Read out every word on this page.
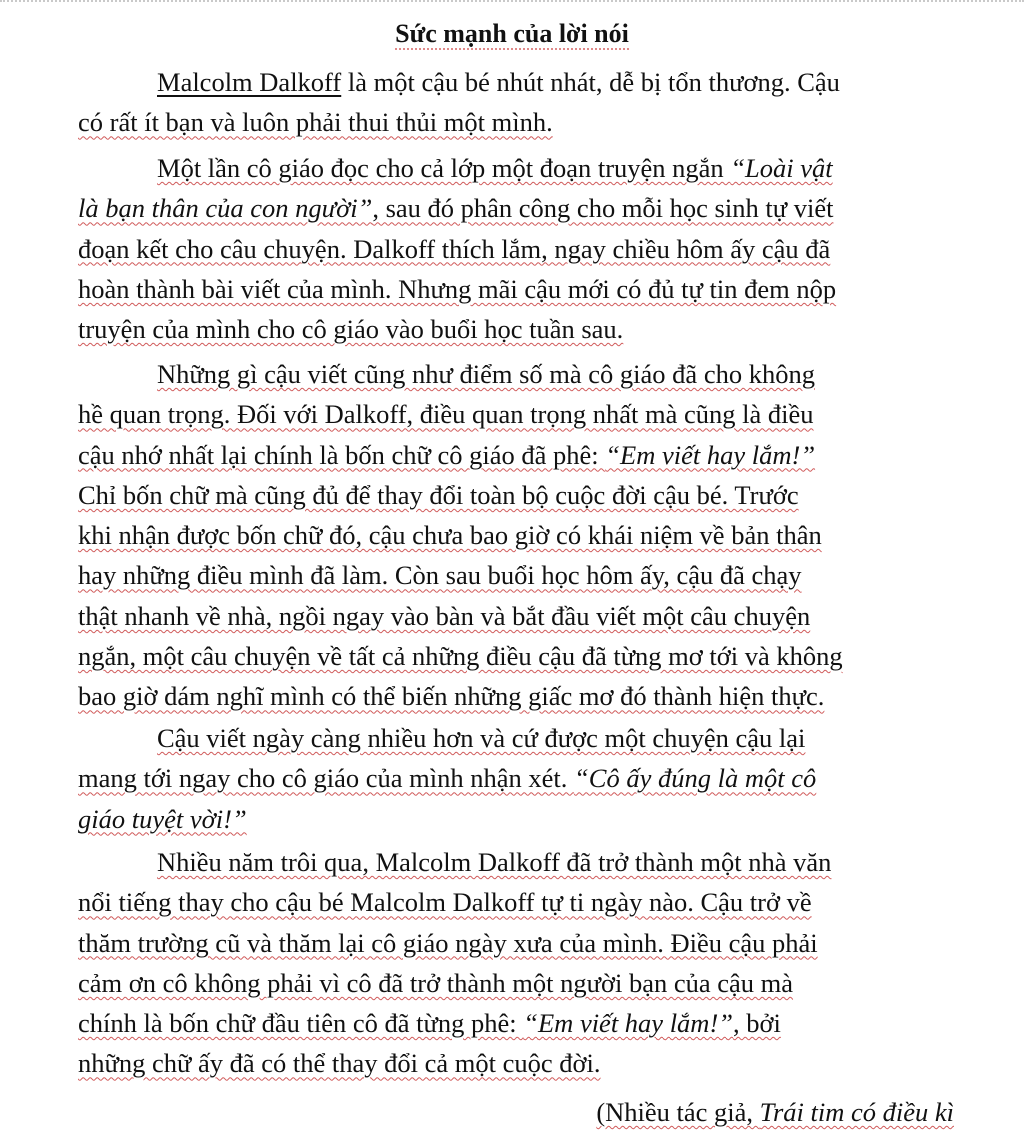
Sức mạnh của lời nói
Malcolm Dalkoff là một cậu bé nhút nhát, dễ bị tổn thương. Cậu
có rất ít bạn và luôn phải thui thủi một mình.
Một lần cô giáo đọc cho cả lớp một đoạn truyện ngắn “Loài vật
là bạn thân của con người”, sau đó phân công cho mỗi học sinh tự viết
đoạn kết cho câu chuyện. Dalkoff thích lắm, ngay chiều hôm ấy cậu đã
hoàn thành bài viết của mình. Nhưng mãi cậu mới có đủ tự tin đem nộp
truyện của mình cho cô giáo vào buổi học tuần sau.
Những gì cậu viết cũng như điểm số mà cô giáo đã cho không
hề quan trọng. Đối với Dalkoff, điều quan trọng nhất mà cũng là điều
cậu nhớ nhất lại chính là bốn chữ cô giáo đã phê: “Em viết hay lắm!”
Chỉ bốn chữ mà cũng đủ để thay đổi toàn bộ cuộc đời cậu bé. Trước
khi nhận được bốn chữ đó, cậu chưa bao giờ có khái niệm về bản thân
hay những điều mình đã làm. Còn sau buổi học hôm ấy, cậu đã chạy
thật nhanh về nhà, ngồi ngay vào bàn và bắt đầu viết một câu chuyện
ngắn, một câu chuyện về tất cả những điều cậu đã từng mơ tới và không
bao giờ dám nghĩ mình có thể biến những giấc mơ đó thành hiện thực.
Cậu viết ngày càng nhiều hơn và cứ được một chuyện cậu lại
mang tới ngay cho cô giáo của mình nhận xét. “Cô ấy đúng là một cô
giáo tuyệt vời!”
Nhiều năm trôi qua, Malcolm Dalkoff đã trở thành một nhà văn
nổi tiếng thay cho cậu bé Malcolm Dalkoff tự ti ngày nào. Cậu trở về
thăm trường cũ và thăm lại cô giáo ngày xưa của mình. Điều cậu phải
cảm ơn cô không phải vì cô đã trở thành một người bạn của cậu mà
chính là bốn chữ đầu tiên cô đã từng phê: “Em viết hay lắm!”, bởi
những chữ ấy đã có thể thay đổi cả một cuộc đời.
(Nhiều tác giả, Trái tim có điều kì
